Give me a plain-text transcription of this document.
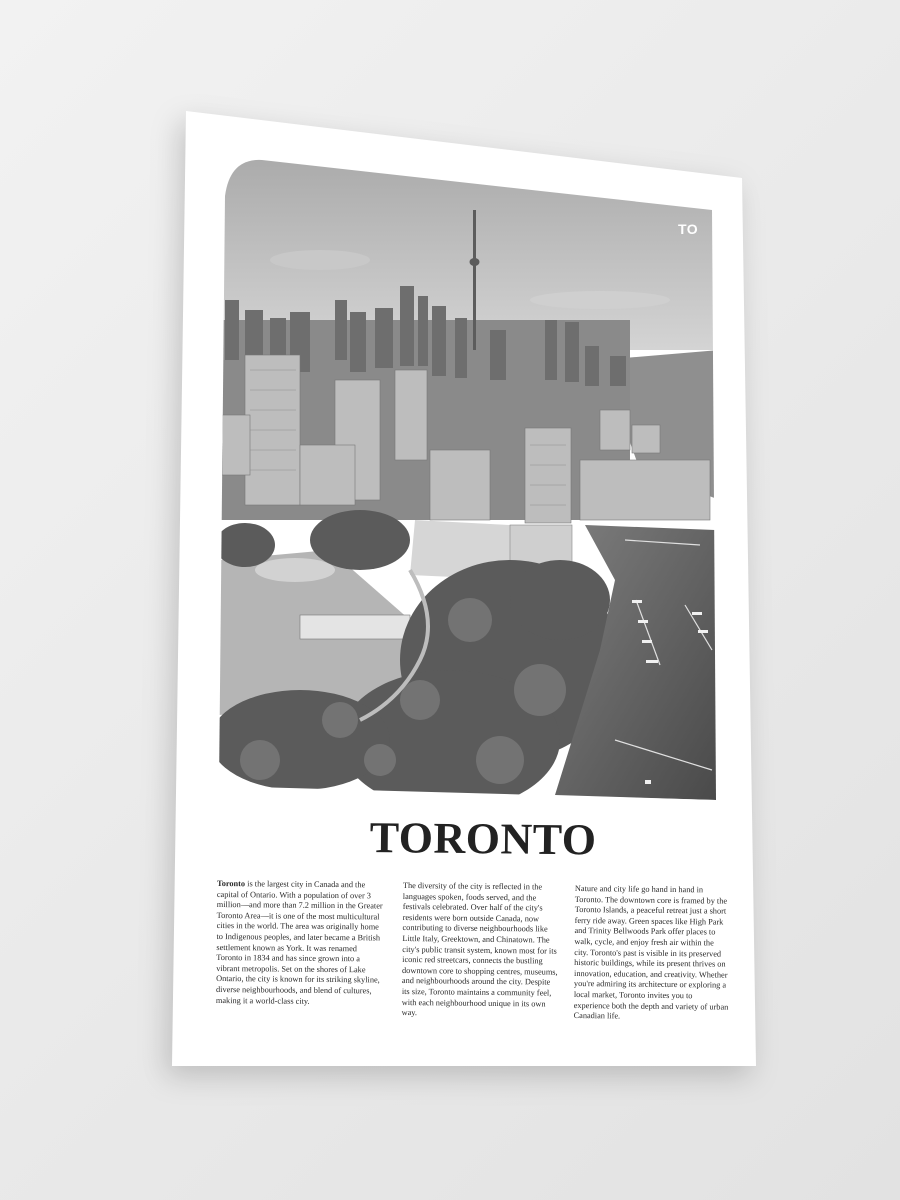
TO
TORONTO
Toronto is the largest city in Canada and the capital of Ontario. With a population of over 3 million—and more than 7.2 million in the Greater Toronto Area—it is one of the most multicultural cities in the world. The area was originally home to Indigenous peoples, and later became a British settlement known as York. It was renamed Toronto in 1834 and has since grown into a vibrant metropolis. Set on the shores of Lake Ontario, the city is known for its striking skyline, diverse neighbourhoods, and blend of cultures, making it a world-class city.
The diversity of the city is reflected in the languages spoken, foods served, and the festivals celebrated. Over half of the city's residents were born outside Canada, now contributing to diverse neighbourhoods like Little Italy, Greektown, and Chinatown. The city's public transit system, known most for its iconic red streetcars, connects the bustling downtown core to shopping centres, museums, and neighbourhoods around the city. Despite its size, Toronto maintains a community feel, with each neighbourhood unique in its own way.
Nature and city life go hand in hand in Toronto. The downtown core is framed by the Toronto Islands, a peaceful retreat just a short ferry ride away. Green spaces like High Park and Trinity Bellwoods Park offer places to walk, cycle, and enjoy fresh air within the city. Toronto's past is visible in its preserved historic buildings, while its present thrives on innovation, education, and creativity. Whether you're admiring its architecture or exploring a local market, Toronto invites you to experience both the depth and variety of urban Canadian life.
